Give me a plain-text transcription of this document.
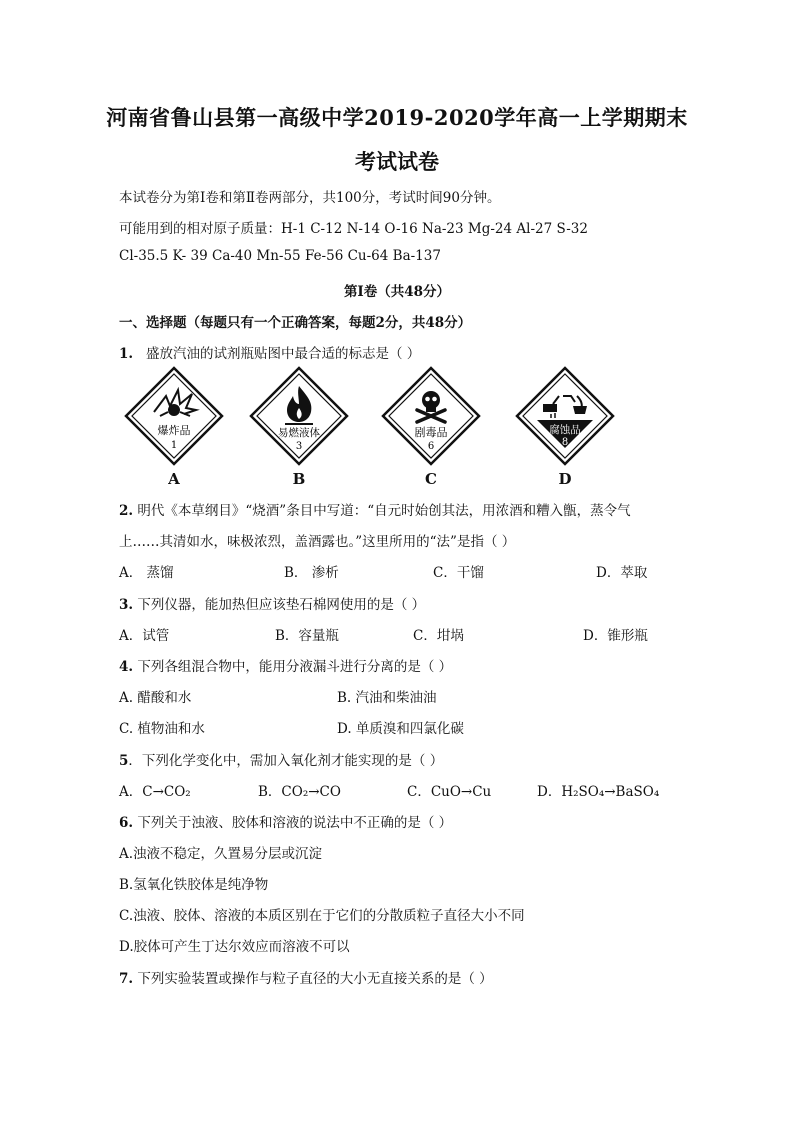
河南省鲁山县第一高级中学2019-2020学年高一上学期期末
考试试卷
本试卷分为第Ⅰ卷和第Ⅱ卷两部分，共100分，考试时间90分钟。
可能用到的相对原子质量：H-1 C-12 N-14 O-16 Na-23 Mg-24 Al-27 S-32
Cl-35.5 K- 39 Ca-40 Mn-55 Fe-56 Cu-64 Ba-137
第Ⅰ卷（共48分）
一、选择题（每题只有一个正确答案，每题2分，共48分）
1. 盛放汽油的试剂瓶贴图中最合适的标志是（ ）
爆炸品
1
易燃液体
3
剧毒品
6
腐蚀品
8
A	B	C	D
2. 明代《本草纲目》“烧酒”条目中写道：“自元时始创其法，用浓酒和糟入甑，蒸令气
上……其清如水，味极浓烈，盖酒露也。”这里所用的“法”是指（ ）
A． 蒸馏	B． 渗析	C．干馏	D．萃取
3. 下列仪器，能加热但应该垫石棉网使用的是（ ）
A．试管	B．容量瓶	C．坩埚	D．锥形瓶
4. 下列各组混合物中，能用分液漏斗进行分离的是（ ）
A. 醋酸和水	B. 汽油和柴油油
C. 植物油和水	D. 单质溴和四氯化碳
5．下列化学变化中，需加入氧化剂才能实现的是（ ）
A．C→CO₂	B．CO₂→CO	C．CuO→Cu	D．H₂SO₄→BaSO₄
6. 下列关于浊液、胶体和溶液的说法中不正确的是（ ）
A.浊液不稳定，久置易分层或沉淀
B.氢氧化铁胶体是纯净物
C.浊液、胶体、溶液的本质区别在于它们的分散质粒子直径大小不同
D.胶体可产生丁达尔效应而溶液不可以
7. 下列实验装置或操作与粒子直径的大小无直接关系的是（ ）
